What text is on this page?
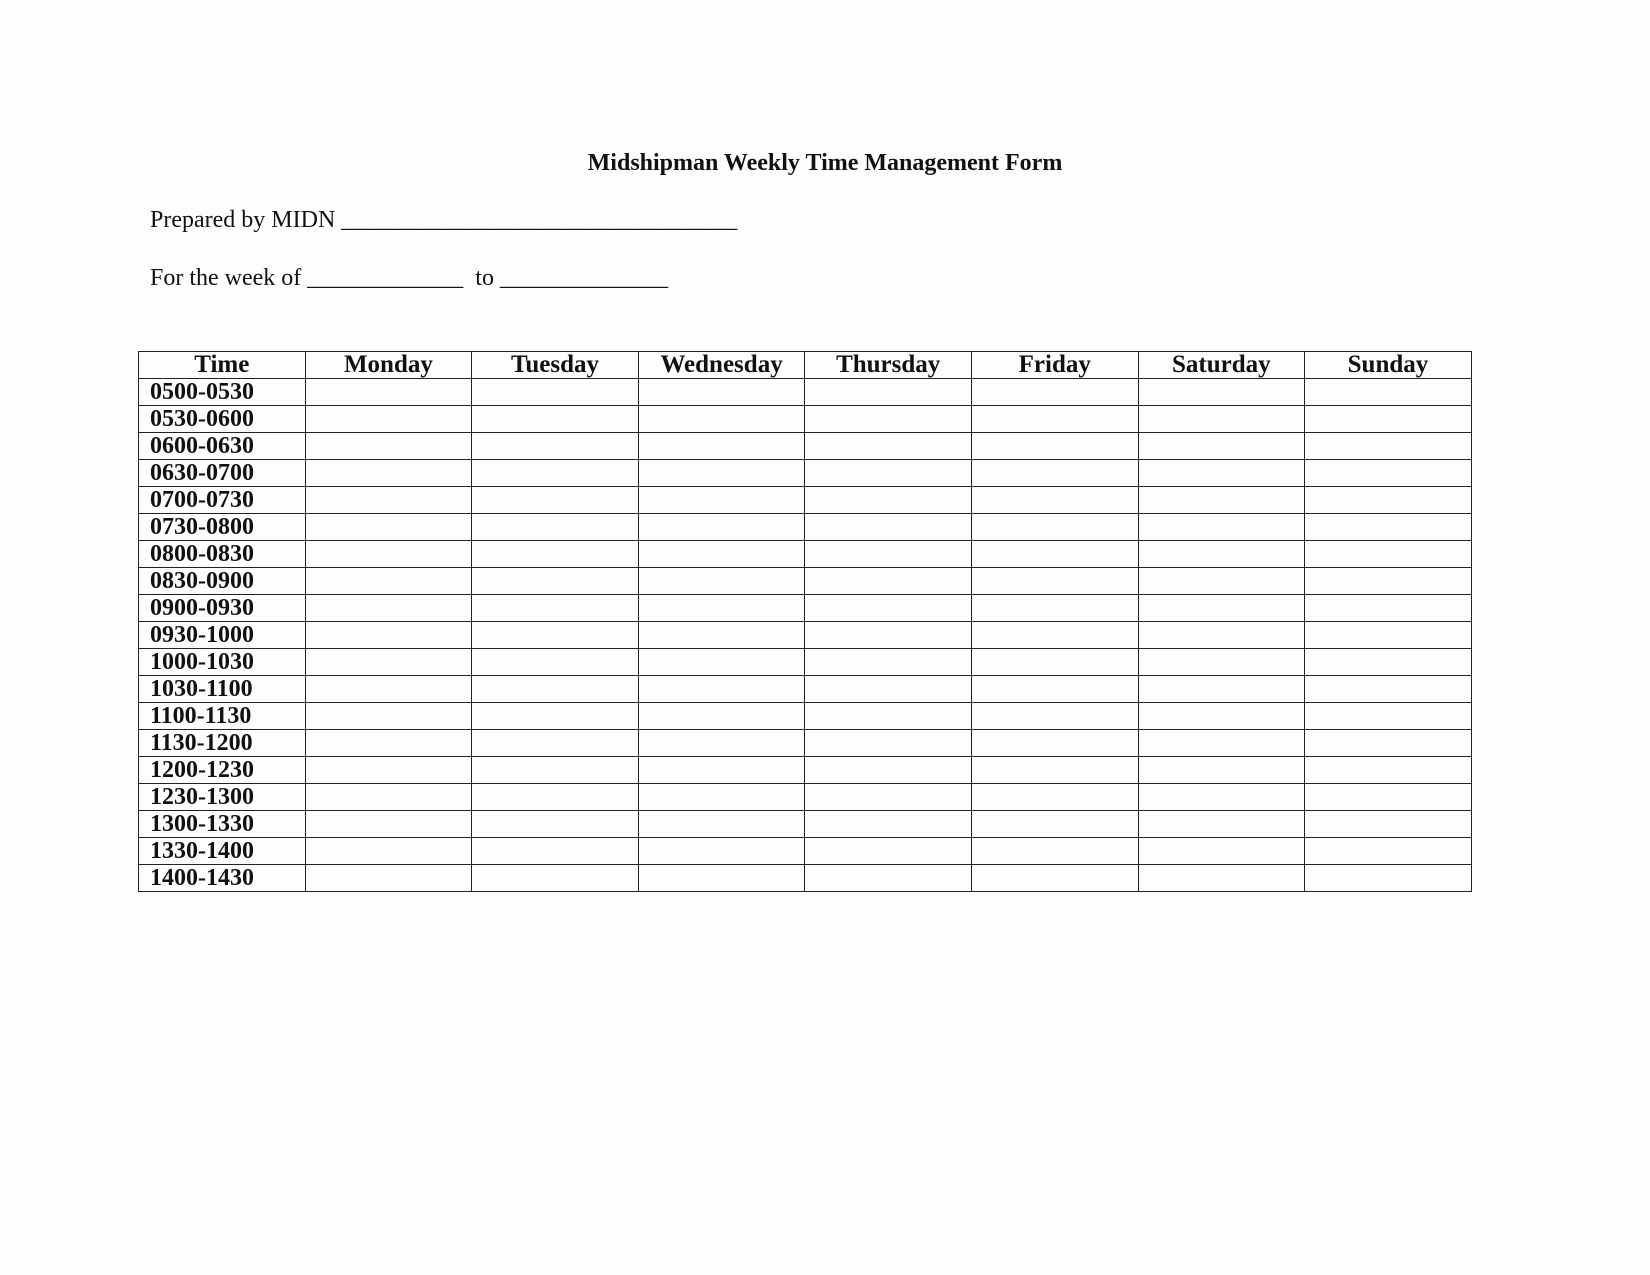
Midshipman Weekly Time Management Form
Prepared by MIDN _________________________________
For the week of _____________  to ______________
Time	Monday	Tuesday	Wednesday	Thursday	Friday	Saturday	Sunday
0500-0530							
0530-0600							
0600-0630							
0630-0700							
0700-0730							
0730-0800							
0800-0830							
0830-0900							
0900-0930							
0930-1000							
1000-1030							
1030-1100							
1100-1130							
1130-1200							
1200-1230							
1230-1300							
1300-1330							
1330-1400							
1400-1430							
